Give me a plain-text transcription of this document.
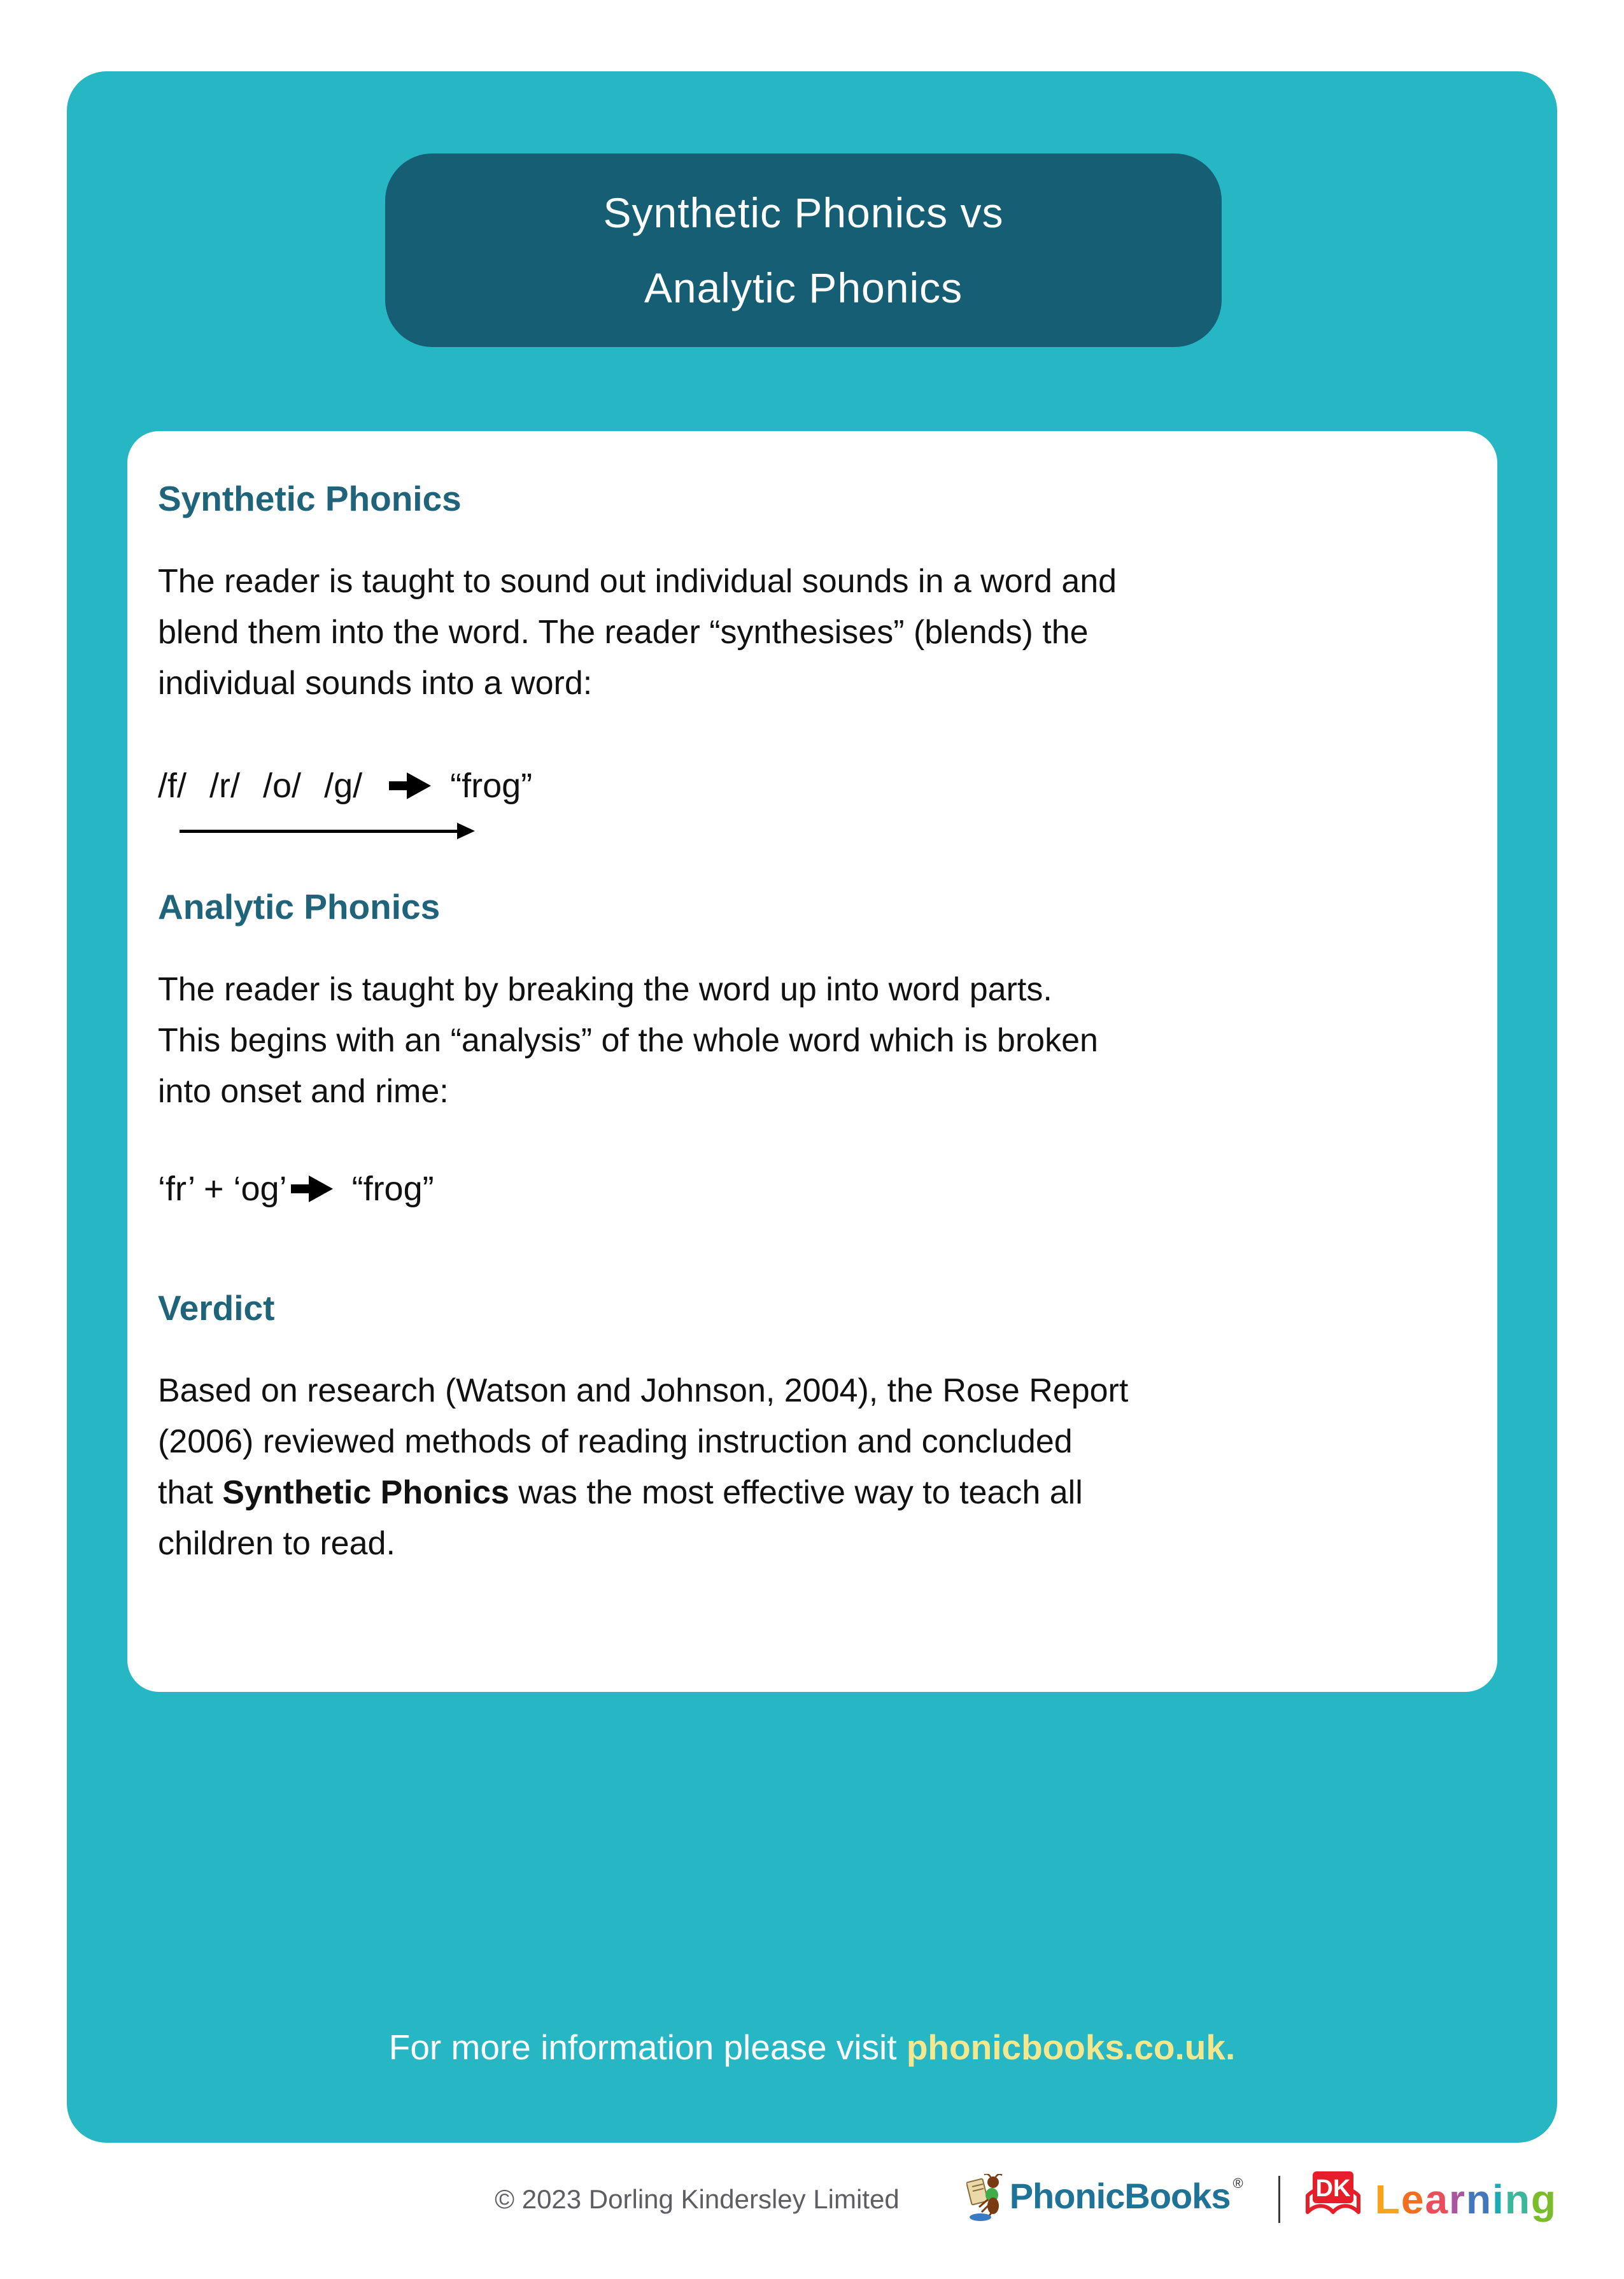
Synthetic Phonics vs
Analytic Phonics
Synthetic Phonics

The reader is taught to sound out individual sounds in a word and
blend them into the word. The reader “synthesises” (blends) the
individual sounds into a word:

/f/ /r/ /o/ /g/	“frog”
Analytic Phonics

The reader is taught by breaking the word up into word parts.
This begins with an “analysis” of the whole word which is broken
into onset and rime:

‘fr’ + ‘og’ “frog”
Verdict

Based on research (Watson and Johnson, 2004), the Rose Report
(2006) reviewed methods of reading instruction and concluded
that Synthetic Phonics was the most effective way to teach all
children to read.

For more information please visit phonicbooks.co.uk.
© 2023 Dorling Kindersley Limited	PhonicBooks ®	DK Learning
